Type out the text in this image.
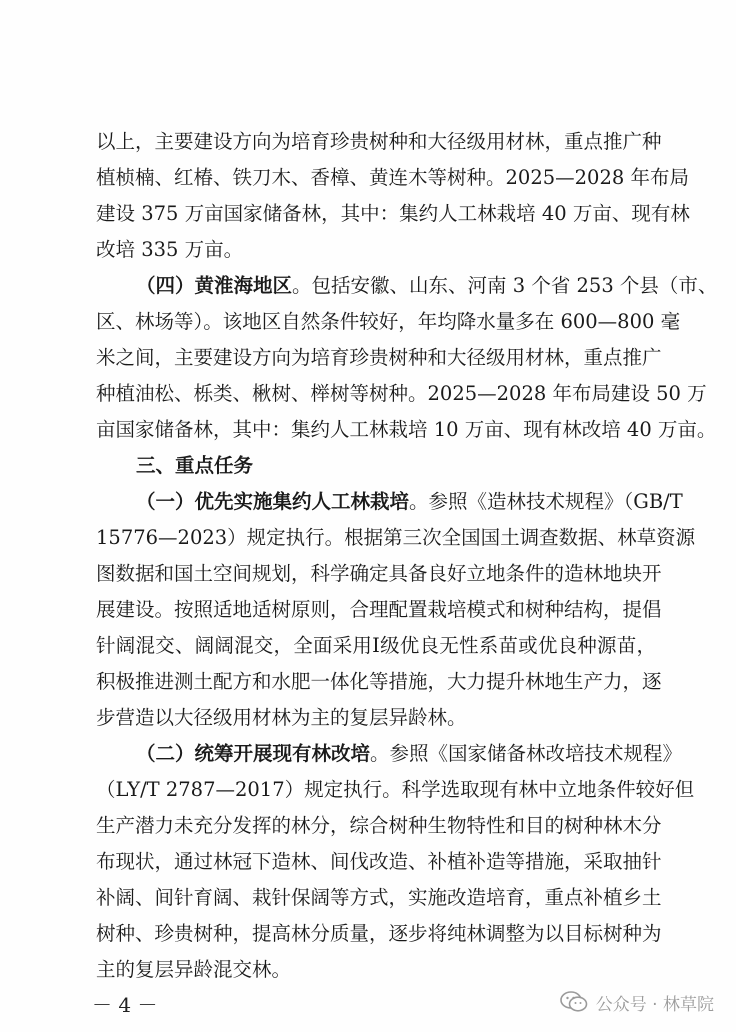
以上，主要建设方向为培育珍贵树种和大径级用材林，重点推广种
植桢楠、红椿、铁刀木、香樟、黄连木等树种。2025—2028 年布局
建设 375 万亩国家储备林，其中：集约人工林栽培 40 万亩、现有林
改培 335 万亩。
（四）黄淮海地区。包括安徽、山东、河南 3 个省 253 个县（市、
区、林场等）。该地区自然条件较好，年均降水量多在 600—800 毫
米之间，主要建设方向为培育珍贵树种和大径级用材林，重点推广
种植油松、栎类、楸树、榉树等树种。2025—2028 年布局建设 50 万
亩国家储备林，其中：集约人工林栽培 10 万亩、现有林改培 40 万亩。
三、重点任务
（一）优先实施集约人工林栽培。参照《造林技术规程》（GB/T
15776—2023）规定执行。根据第三次全国国土调查数据、林草资源
图数据和国土空间规划，科学确定具备良好立地条件的造林地块开
展建设。按照适地适树原则，合理配置栽培模式和树种结构，提倡
针阔混交、阔阔混交，全面采用Ⅰ级优良无性系苗或优良种源苗，
积极推进测土配方和水肥一体化等措施，大力提升林地生产力，逐
步营造以大径级用材林为主的复层异龄林。
（二）统筹开展现有林改培。参照《国家储备林改培技术规程》
（LY/T 2787—2017）规定执行。科学选取现有林中立地条件较好但
生产潜力未充分发挥的林分，综合树种生物特性和目的树种林木分
布现状，通过林冠下造林、间伐改造、补植补造等措施，采取抽针
补阔、间针育阔、栽针保阔等方式，实施改造培育，重点补植乡土
树种、珍贵树种，提高林分质量，逐步将纯林调整为以目标树种为
主的复层异龄混交林。
－ 4 －	公众号 · 林草院
